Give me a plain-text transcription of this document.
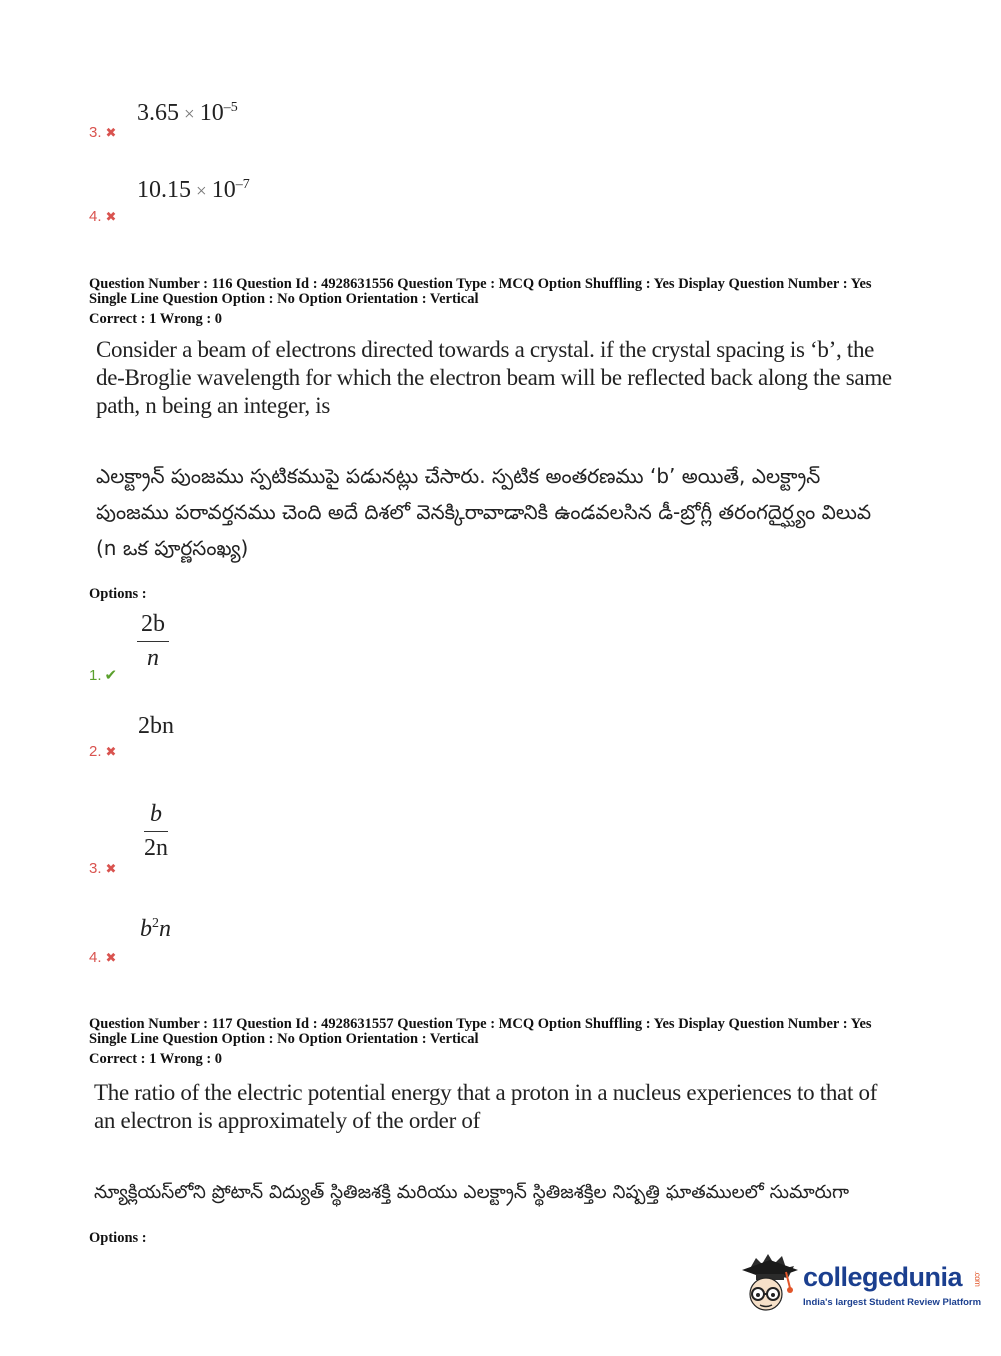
$3.65 \times 10^{-5}$
3. ✖
$10.15 \times 10^{-7}$
4. ✖
Question Number : 116 Question Id : 4928631556 Question Type : MCQ Option Shuffling : Yes Display Question Number : Yes
Single Line Question Option : No Option Orientation : Vertical
Correct : 1 Wrong : 0
Consider a beam of electrons directed towards a crystal. if the crystal spacing is ‘b’, the de-Broglie wavelength for which the electron beam will be reflected back along the same path, n being an integer, is
ఎలక్ట్రాన్ పుంజము స్పటికముపై పడునట్లు చేసారు. స్పటిక అంతరణము ‘b’ అయితే, ఎలక్ట్రాన్ పుంజము పరావర్తనము చెంది అదే దిశలో వెనక్కిరావాడానికి ఉండవలసిన డీ-బ్రోగ్లీ తరంగదైర్ఘ్యం విలువ (n ఒక పూర్ణసంఖ్య)
Options :
$\frac{2b}{n}$
1. ✔
2bn
2. ✖
$\frac{b}{2n}$
3. ✖
$b^2n$
4. ✖
Question Number : 117 Question Id : 4928631557 Question Type : MCQ Option Shuffling : Yes Display Question Number : Yes
Single Line Question Option : No Option Orientation : Vertical
Correct : 1 Wrong : 0
The ratio of the electric potential energy that a proton in a nucleus experiences to that of an electron is approximately of the order of
న్యూక్లియస్‌లోని ప్రోటాన్ విద్యుత్ స్థితిజశక్తి మరియు ఎలక్ట్రాన్ స్థితిజశక్తిల నిష్పత్తి ఘాతములలో సుమారుగా
Options :
collegedunia .com
India's largest Student Review Platform
